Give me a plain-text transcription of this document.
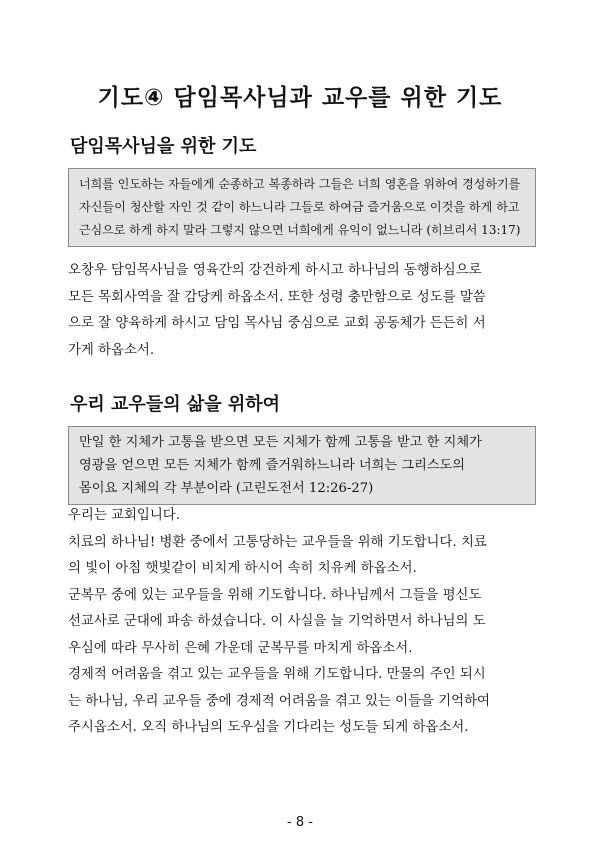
기도④ 담임목사님과 교우를 위한 기도
담임목사님을 위한 기도
너희를 인도하는 자들에게 순종하고 복종하라 그들은 너희 영혼을 위하여 경성하기를
자신들이 청산할 자인 것 같이 하느니라 그들로 하여금 즐거움으로 이것을 하게 하고
근심으로 하게 하지 말라 그렇지 않으면 너희에게 유익이 없느니라 (히브리서 13:17)
오창우 담임목사님을 영육간의 강건하게 하시고 하나님의 동행하심으로
모든 목회사역을 잘 감당케 하옵소서. 또한 성령 충만함으로 성도를 말씀
으로 잘 양육하게 하시고 담임 목사님 중심으로 교회 공동체가 든든히 서
가게 하옵소서.
우리 교우들의 삶을 위하여
만일 한 지체가 고통을 받으면 모든 지체가 함께 고통을 받고 한 지체가
영광을 얻으면 모든 지체가 함께 즐거워하느니라 너희는 그리스도의
몸이요 지체의 각 부분이라 (고린도전서 12:26-27)
우리는 교회입니다.
치료의 하나님! 병환 중에서 고통당하는 교우들을 위해 기도합니다. 치료
의 빛이 아침 햇빛같이 비치게 하시어 속히 치유케 하옵소서.
군복무 중에 있는 교우들을 위해 기도합니다. 하나님께서 그들을 평신도
선교사로 군대에 파송 하셨습니다. 이 사실을 늘 기억하면서 하나님의 도
우심에 따라 무사히 은혜 가운데 군복무를 마치게 하옵소서.
경제적 어려움을 겪고 있는 교우들을 위해 기도합니다. 만물의 주인 되시
는 하나님, 우리 교우들 중에 경제적 어려움을 겪고 있는 이들을 기억하여
주시옵소서. 오직 하나님의 도우심을 기다리는 성도들 되게 하옵소서.
- 8 -
